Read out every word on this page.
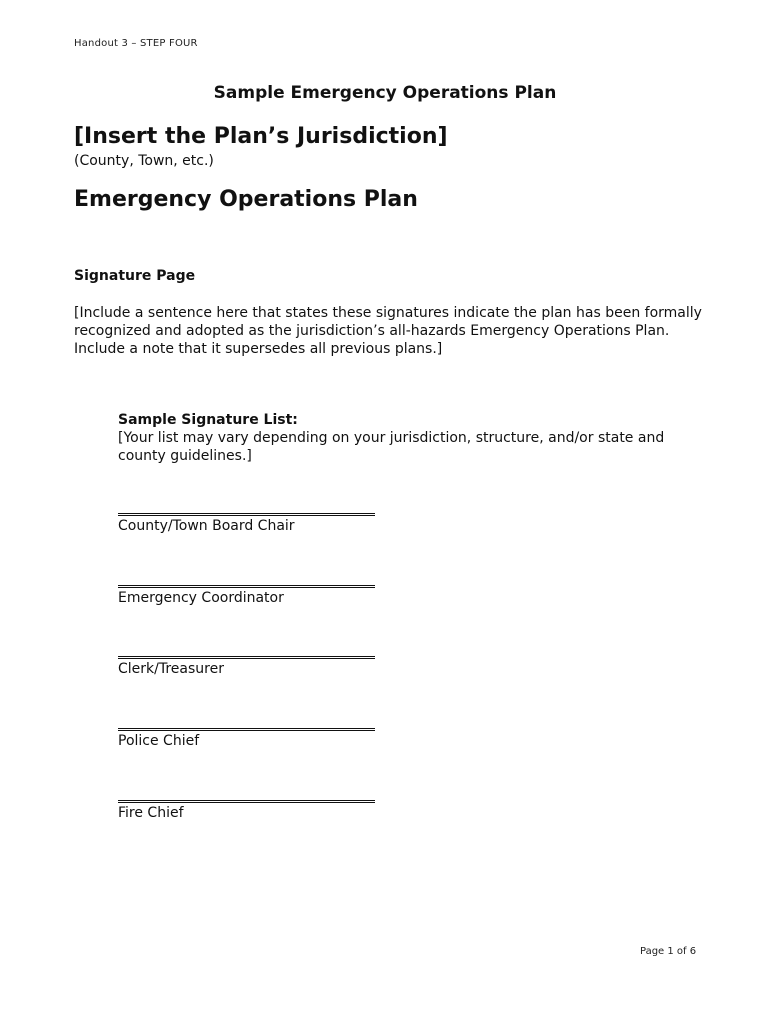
Handout 3 – STEP FOUR
Sample Emergency Operations Plan
[Insert the Plan’s Jurisdiction]
(County, Town, etc.)
Emergency Operations Plan
Signature Page
[Include a sentence here that states these signatures indicate the plan has been formally recognized and adopted as the jurisdiction’s all-hazards Emergency Operations Plan. Include a note that it supersedes all previous plans.]
Sample Signature List:
[Your list may vary depending on your jurisdiction, structure, and/or state and county guidelines.]
County/Town Board Chair
Emergency Coordinator
Clerk/Treasurer
Police Chief
Fire Chief
Page 1 of 6
